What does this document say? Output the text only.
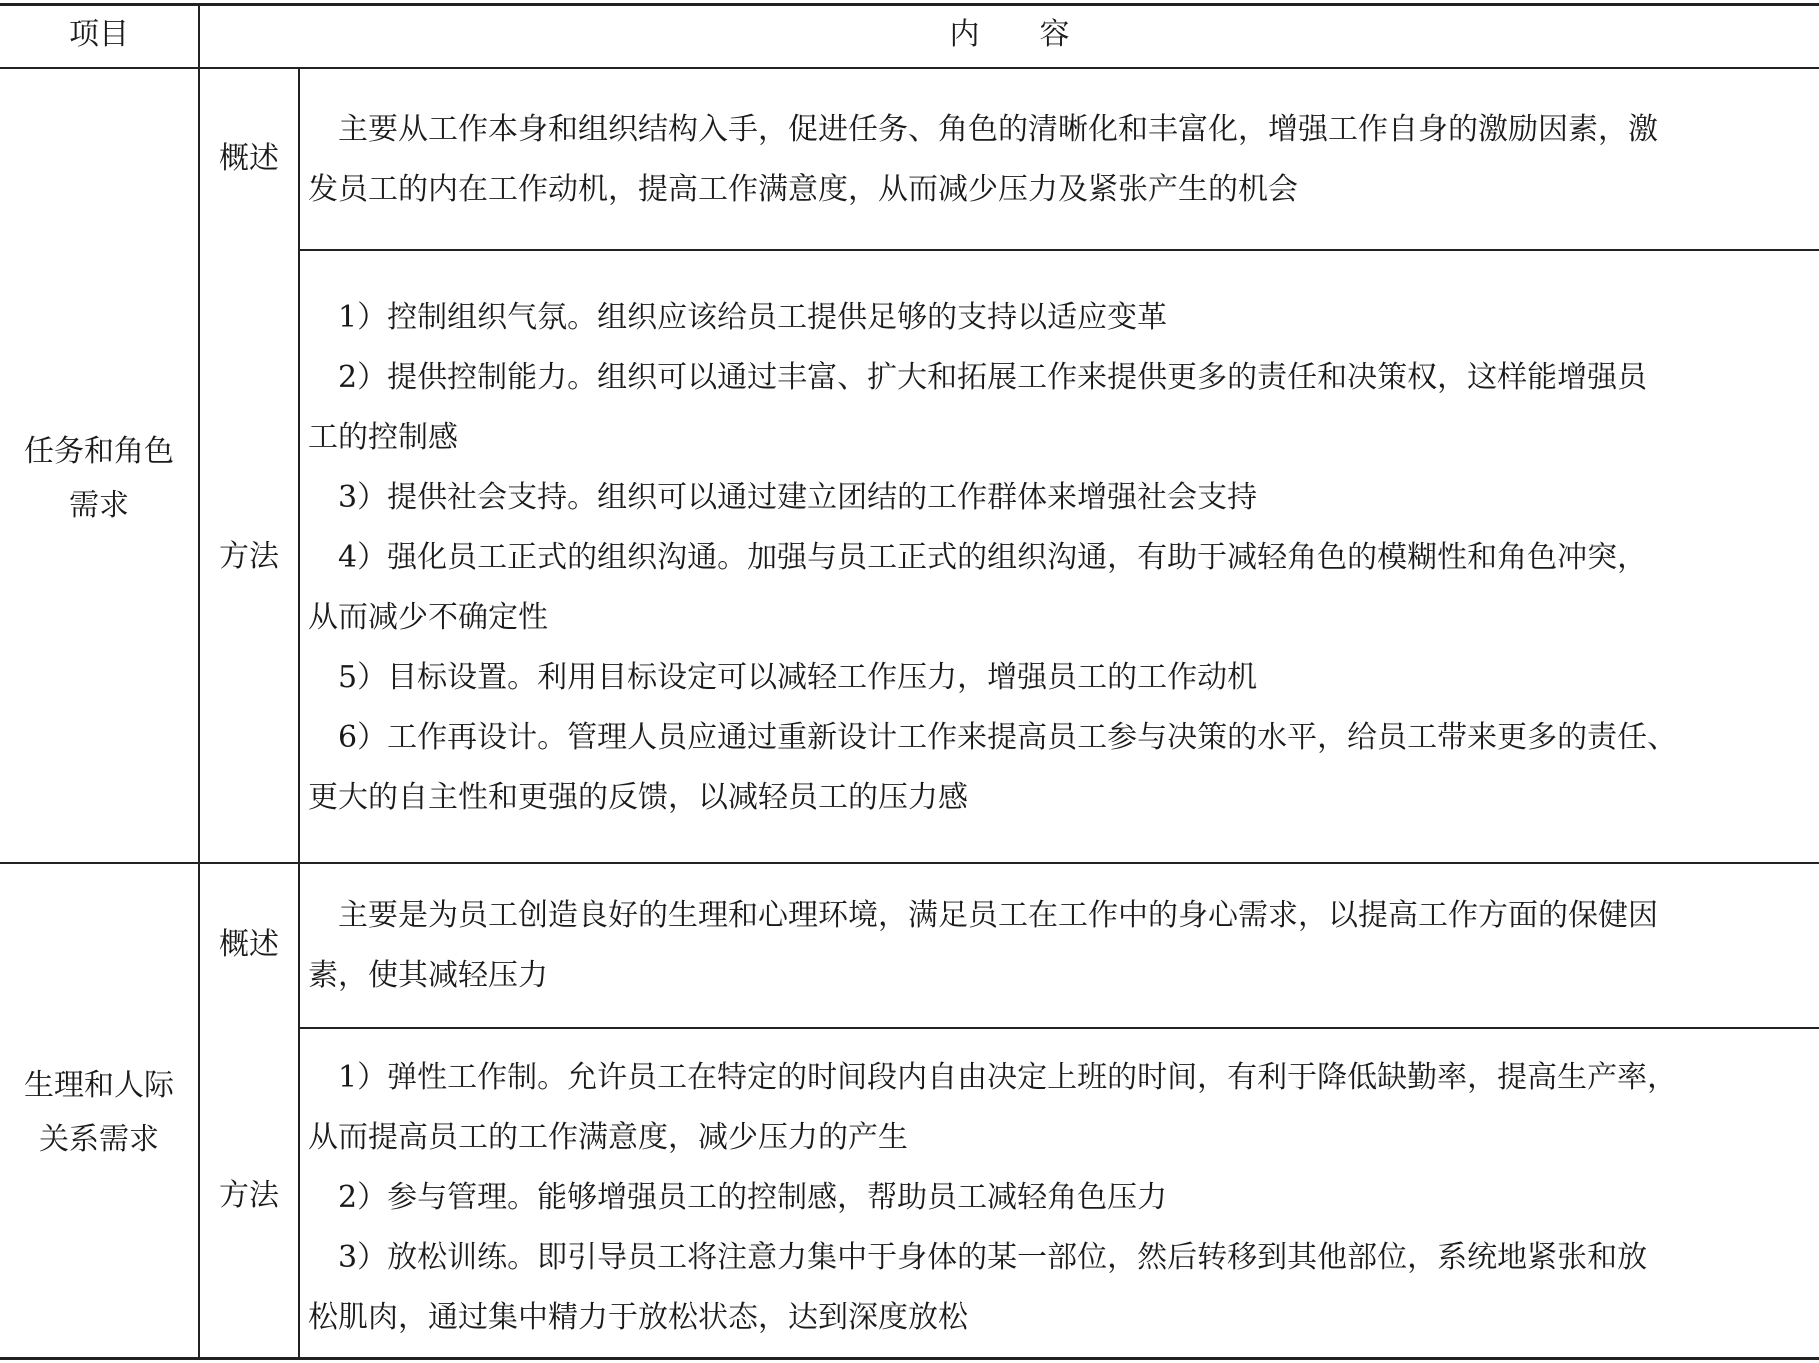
项目	内　　容
任务和角色
需求
概述
　主要从工作本身和组织结构入手，促进任务、角色的清晰化和丰富化，增强工作自身的激励因素，激
发员工的内在工作动机，提高工作满意度，从而减少压力及紧张产生的机会
方法
　1）控制组织气氛。组织应该给员工提供足够的支持以适应变革
　2）提供控制能力。组织可以通过丰富、扩大和拓展工作来提供更多的责任和决策权，这样能增强员
工的控制感
　3）提供社会支持。组织可以通过建立团结的工作群体来增强社会支持
　4）强化员工正式的组织沟通。加强与员工正式的组织沟通，有助于减轻角色的模糊性和角色冲突，
从而减少不确定性
　5）目标设置。利用目标设定可以减轻工作压力，增强员工的工作动机
　6）工作再设计。管理人员应通过重新设计工作来提高员工参与决策的水平，给员工带来更多的责任、
更大的自主性和更强的反馈，以减轻员工的压力感
生理和人际
关系需求
概述
　主要是为员工创造良好的生理和心理环境，满足员工在工作中的身心需求，以提高工作方面的保健因
素，使其减轻压力
方法
　1）弹性工作制。允许员工在特定的时间段内自由决定上班的时间，有利于降低缺勤率，提高生产率，
从而提高员工的工作满意度，减少压力的产生
　2）参与管理。能够增强员工的控制感，帮助员工减轻角色压力
　3）放松训练。即引导员工将注意力集中于身体的某一部位，然后转移到其他部位，系统地紧张和放
松肌肉，通过集中精力于放松状态，达到深度放松
